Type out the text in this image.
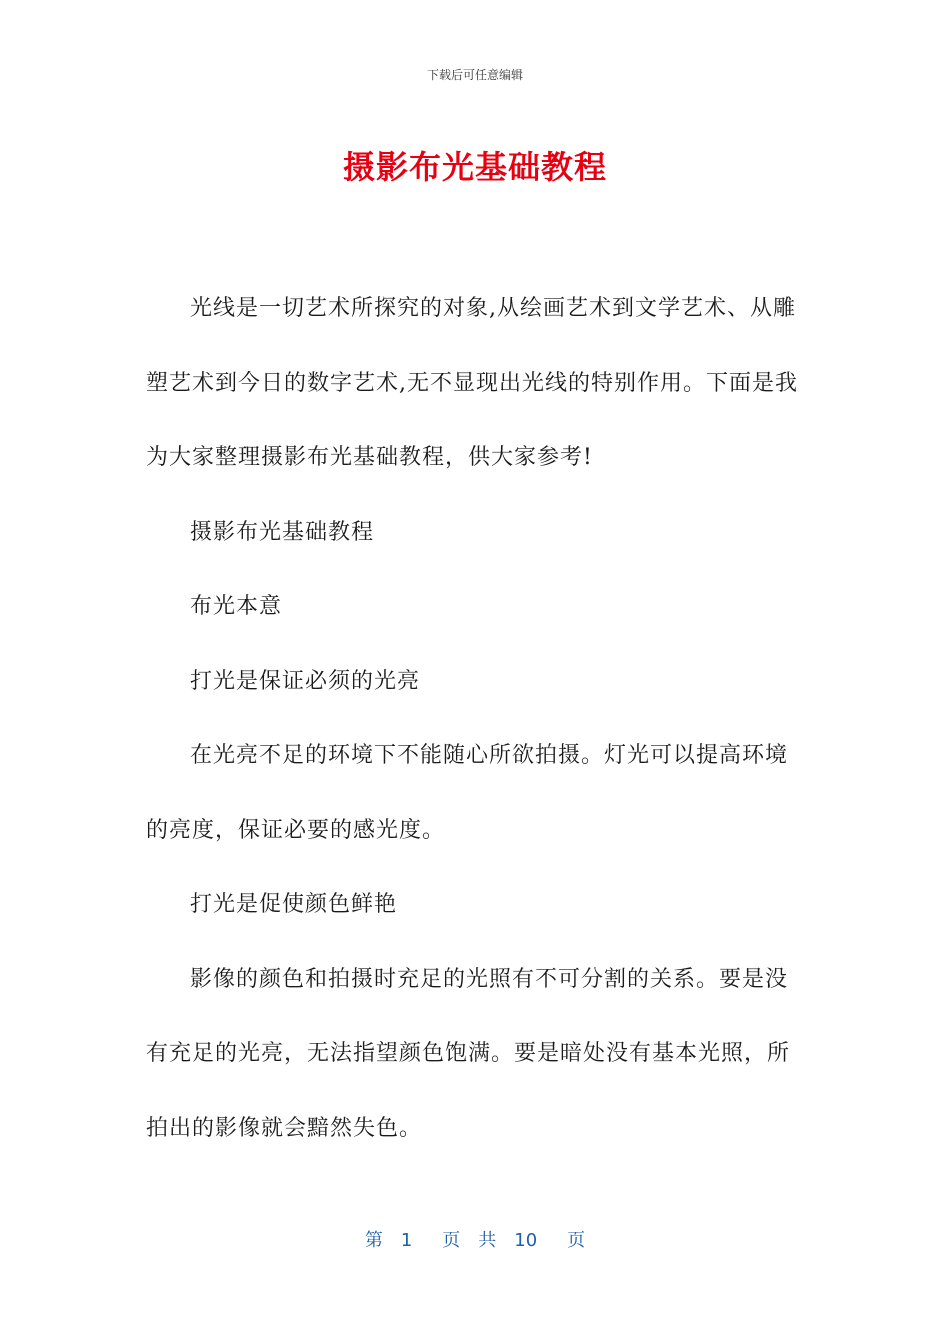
下载后可任意编辑
摄影布光基础教程

光线是一切艺术所探究的对象,从绘画艺术到文学艺术、从雕塑艺术到今日的数字艺术,无不显现出光线的特别作用。下面是我为大家整理摄影布光基础教程，供大家参考!

摄影布光基础教程

布光本意

打光是保证必须的光亮

在光亮不足的环境下不能随心所欲拍摄。灯光可以提高环境的亮度，保证必要的感光度。

打光是促使颜色鲜艳

影像的颜色和拍摄时充足的光照有不可分割的关系。要是没有充足的光亮，无法指望颜色饱满。要是暗处没有基本光照，所拍出的影像就会黯然失色。

第 1 页 共 10 页
